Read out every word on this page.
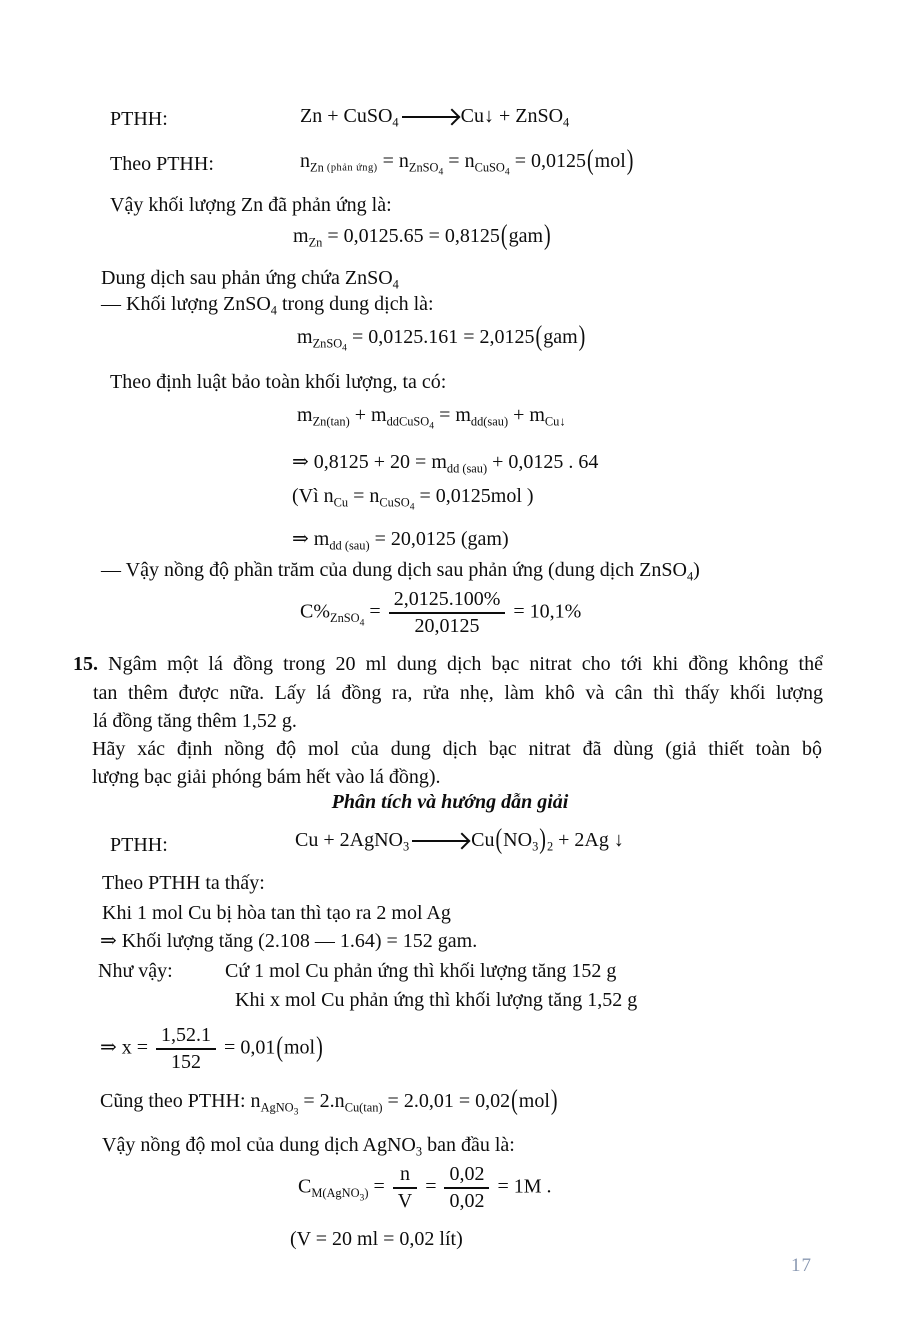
PTHH:	Zn + CuSO$_4$	Cu↓ + ZnSO$_4$
Theo PTHH:	$n_{Zn}$ $_{(phản ứng)} = n_{ZnSO4} = n_{CuSO4} = 0,0125(mol)$
Vậy khối lượng Zn đã phản ứng là:
$m_{Zn} = 0,0125.65 = 0,8125(gam)$
Dung dịch sau phản ứng chứa ZnSO$_4$
— Khối lượng ZnSO$_4$ trong dung dịch là:
$m_{ZnSO4} = 0,0125.161 = 2,0125(gam)$
Theo định luật bảo toàn khối lượng, ta có:
$m_{Zn(tan)} + m_{ddCuSO4} = m_{dd(sau)} + m_{Cu↓}$
⇒ $0,8125 + 20 = m_{dd (sau)} + 0,0125$ . 64
(Vì $n_{Cu} = n_{CuSO4} = 0,0125mol$ )
⇒ $m_{dd (sau)} = 20,0125$ (gam)
— Vậy nồng độ phần trăm của dung dịch sau phản ứng (dung dịch ZnSO$_4$)
$C\%_{ZnSO4} = \frac{2,0125.100\%}{20,0125} = 10,1\%$
15. Ngâm một lá đồng trong 20 ml dung dịch bạc nitrat cho tới khi đồng không thể
tan thêm được nữa. Lấy lá đồng ra, rửa nhẹ, làm khô và cân thì thấy khối lượng
lá đồng tăng thêm 1,52 g.
Hãy xác định nồng độ mol của dung dịch bạc nitrat đã dùng (giả thiết toàn bộ
lượng bạc giải phóng bám hết vào lá đồng).
Phân tích và hướng dẫn giải
PTHH:	Cu + 2AgNO$_3$	$Cu(NO_3)_2 + 2Ag$ ↓
Theo PTHH ta thấy:
Khi 1 mol Cu bị hòa tan thì tạo ra 2 mol Ag
⇒ Khối lượng tăng (2.108 — 1.64) = 152 gam.
Như vậy:	Cứ 1 mol Cu phản ứng thì khối lượng tăng 152 g
Khi x mol Cu phản ứng thì khối lượng tăng 1,52 g
⇒ $x = \frac{1,52.1}{152} = 0,01(mol)$
Cũng theo PTHH: $n_{AgNO3} = 2.n_{Cu(tan)} = 2.0,01 = 0,02(mol)$
Vậy nồng độ mol của dung dịch AgNO$_3$ ban đầu là:
$C_{M(AgNO3)} = \frac{n}{V} = \frac{0,02}{0,02} = 1M$ .
(V = 20 ml = 0,02 lít)
17
